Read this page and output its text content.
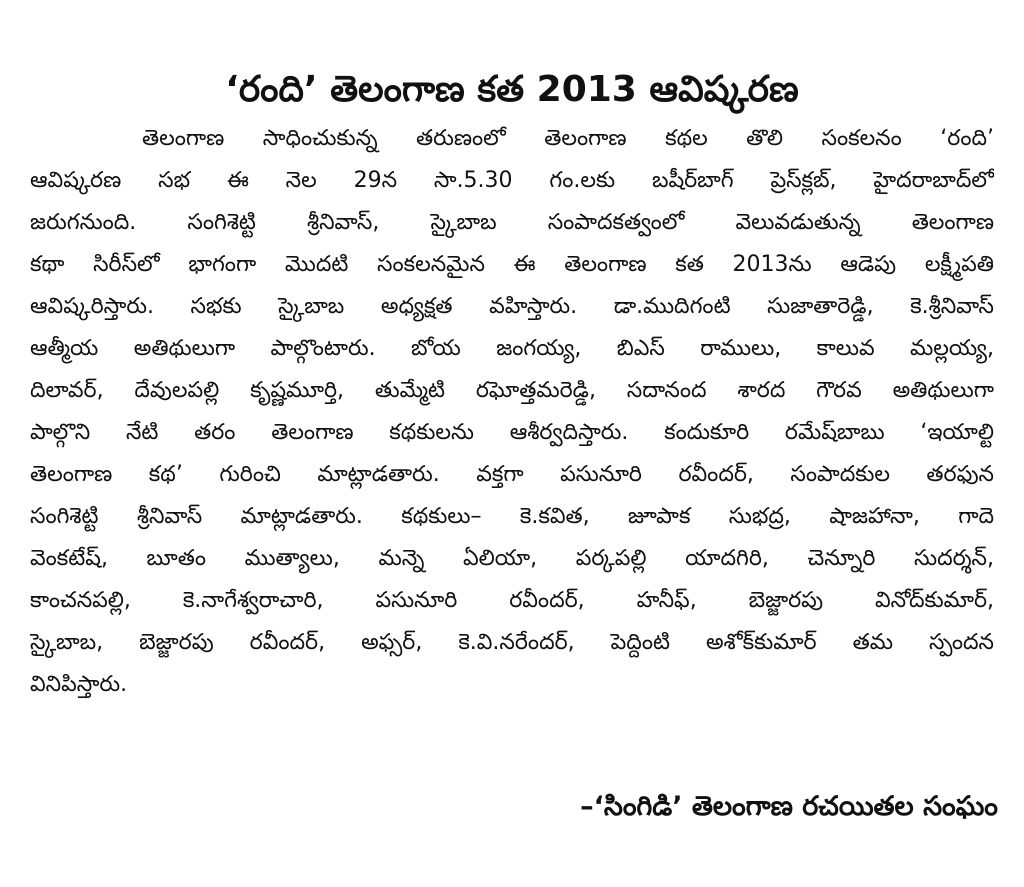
‘రంది’ తెలంగాణ కత 2013 ఆవిష్కరణ
తెలంగాణ సాధించుకున్న తరుణంలో తెలంగాణ కథల తొలి సంకలనం ‘రంది’
ఆవిష్కరణ సభ ఈ నెల 29న సా.5.30 గం.లకు బషీర్‌బాగ్ ప్రెస్‌క్లబ్, హైదరాబాద్‌లో
జరుగనుంది. సంగిశెట్టి శ్రీనివాస్, స్కైబాబ సంపాదకత్వంలో వెలువడుతున్న తెలంగాణ
కథా సిరీస్‌లో భాగంగా మొదటి సంకలనమైన ఈ తెలంగాణ కత 2013ను ఆడెపు లక్ష్మీపతి
ఆవిష్కరిస్తారు. సభకు స్కైబాబ అధ్యక్షత వహిస్తారు. డా.ముదిగంటి సుజాతారెడ్డి, కె.శ్రీనివాస్
ఆత్మీయ అతిథులుగా పాల్గొంటారు. బోయ జంగయ్య, బిఎస్ రాములు, కాలువ మల్లయ్య,
దిలావర్, దేవులపల్లి కృష్ణమూర్తి, తుమ్మేటి రఘోత్తమరెడ్డి, సదానంద శారద గౌరవ అతిథులుగా
పాల్గొని నేటి తరం తెలంగాణ కథకులను ఆశీర్వదిస్తారు. కందుకూరి రమేష్‌బాబు ‘ఇయాల్టి
తెలంగాణ కథ’ గురించి మాట్లాడతారు. వక్తగా పసునూరి రవీందర్, సంపాదకుల తరఫున
సంగిశెట్టి శ్రీనివాస్ మాట్లాడతారు. కథకులు– కె.కవిత, జూపాక సుభద్ర, షాజహానా, గాదె
వెంకటేష్, బూతం ముత్యాలు, మన్నె ఏలియా, పర్కపల్లి యాదగిరి, చెన్నూరి సుదర్శన్,
కాంచనపల్లి, కె.నాగేశ్వరాచారి, పసునూరి రవీందర్, హనీఫ్, బెజ్జారపు వినోద్‌కుమార్,
స్కైబాబ, బెజ్జారపు రవీందర్, అఫ్సర్, కె.వి.నరేందర్, పెద్దింటి అశోక్‌కుమార్ తమ స్పందన
వినిపిస్తారు.
–‘సింగిడి’ తెలంగాణ రచయితల సంఘం
